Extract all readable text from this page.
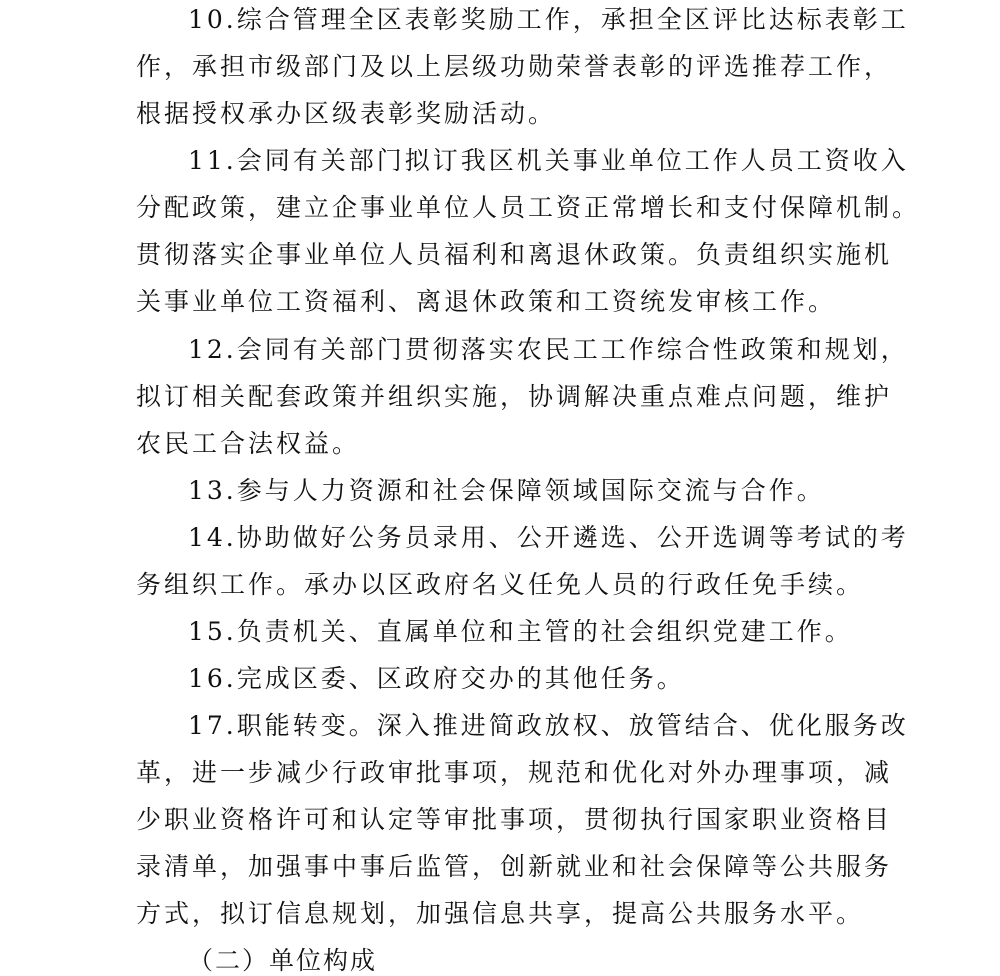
10.综合管理全区表彰奖励工作，承担全区评比达标表彰工
作，承担市级部门及以上层级功勋荣誉表彰的评选推荐工作，
根据授权承办区级表彰奖励活动。
11.会同有关部门拟订我区机关事业单位工作人员工资收入
分配政策，建立企事业单位人员工资正常增长和支付保障机制。
贯彻落实企事业单位人员福利和离退休政策。负责组织实施机
关事业单位工资福利、离退休政策和工资统发审核工作。
12.会同有关部门贯彻落实农民工工作综合性政策和规划，
拟订相关配套政策并组织实施，协调解决重点难点问题，维护
农民工合法权益。
13.参与人力资源和社会保障领域国际交流与合作。
14.协助做好公务员录用、公开遴选、公开选调等考试的考
务组织工作。承办以区政府名义任免人员的行政任免手续。
15.负责机关、直属单位和主管的社会组织党建工作。
16.完成区委、区政府交办的其他任务。
17.职能转变。深入推进简政放权、放管结合、优化服务改
革，进一步减少行政审批事项，规范和优化对外办理事项，减
少职业资格许可和认定等审批事项，贯彻执行国家职业资格目
录清单，加强事中事后监管，创新就业和社会保障等公共服务
方式，拟订信息规划，加强信息共享，提高公共服务水平。
（二）单位构成
